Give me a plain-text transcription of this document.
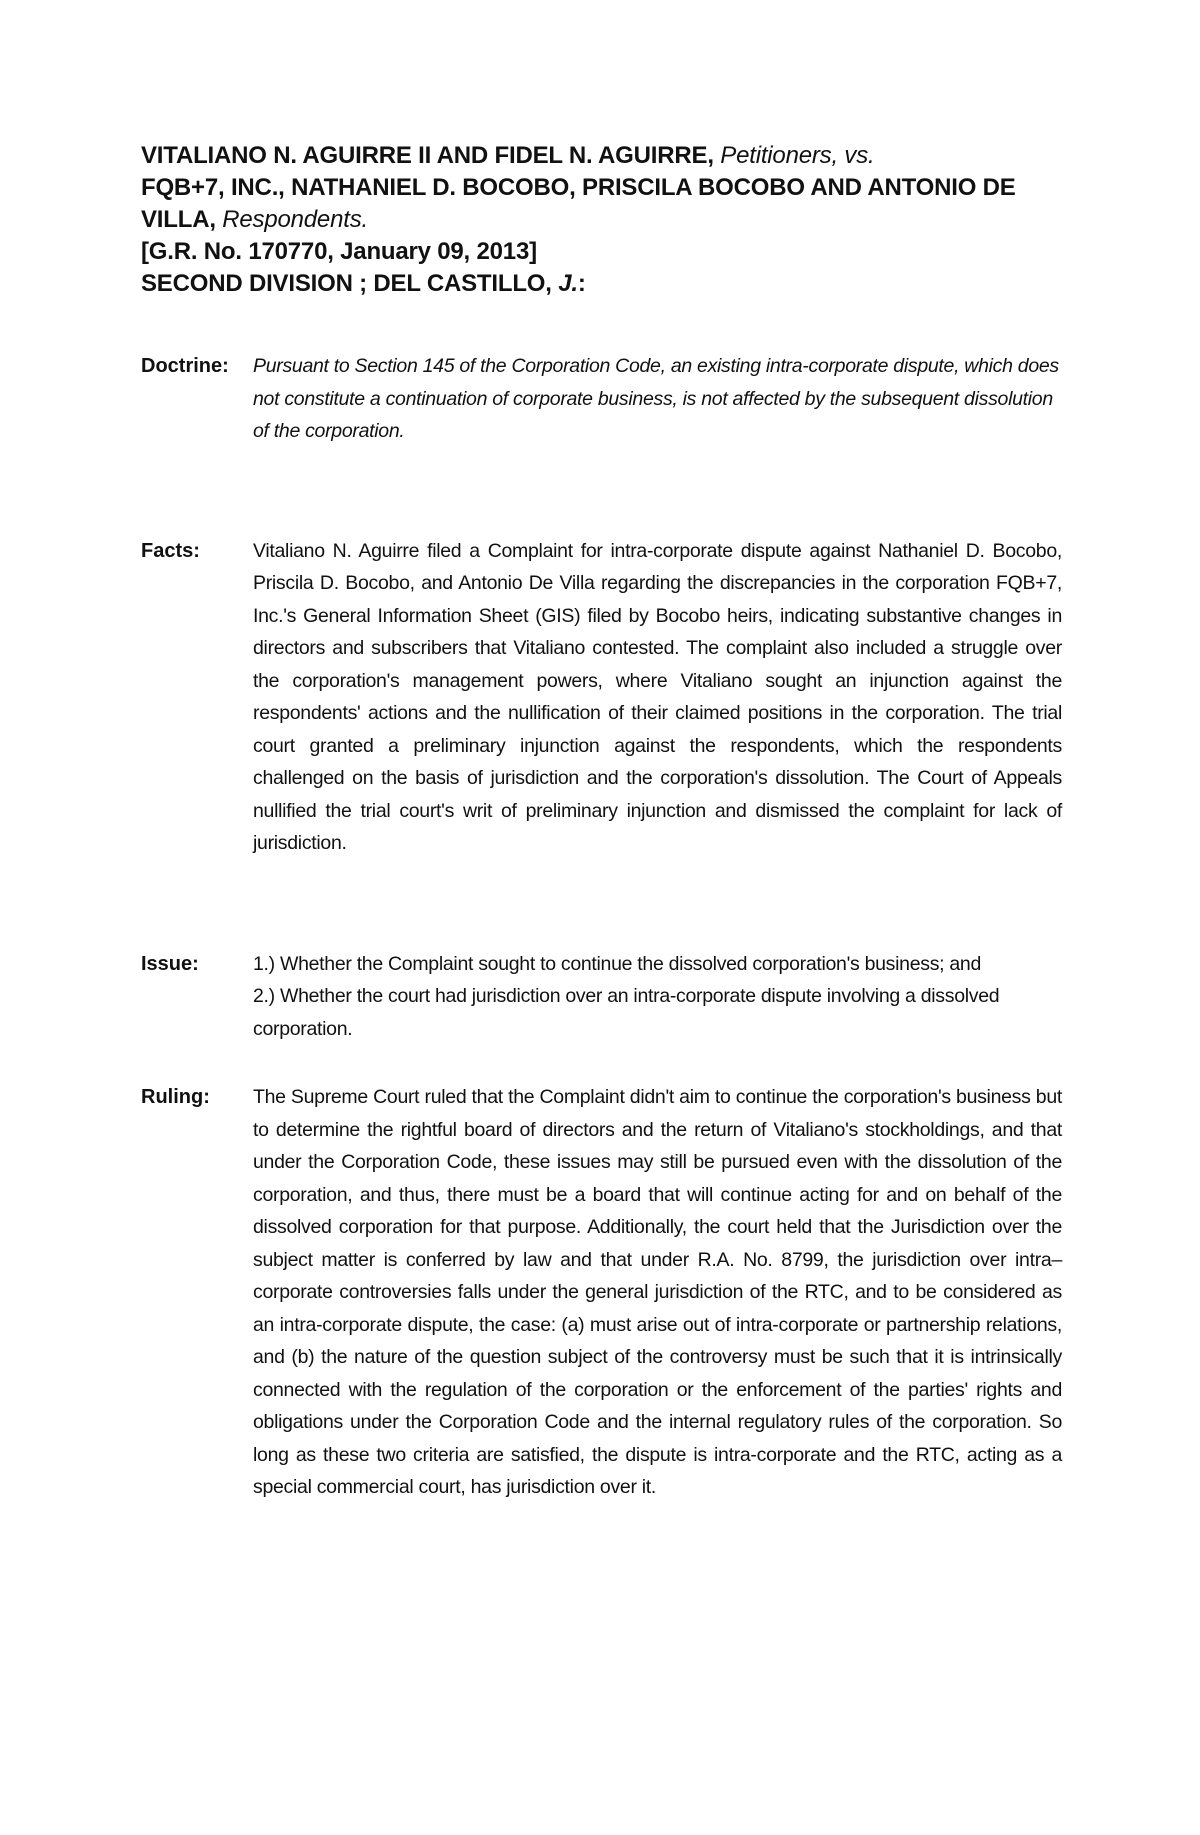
VITALIANO N. AGUIRRE II AND FIDEL N. AGUIRRE, Petitioners, vs.
FQB+7, INC., NATHANIEL D. BOCOBO, PRISCILA BOCOBO AND ANTONIO DE VILLA, Respondents.
[G.R. No. 170770, January 09, 2013]
SECOND DIVISION ; DEL CASTILLO, J.:
Doctrine:	Pursuant to Section 145 of the Corporation Code, an existing intra-corporate dispute, which does not constitute a continuation of corporate business, is not affected by the subsequent dissolution of the corporation.
Facts:	Vitaliano N. Aguirre filed a Complaint for intra-corporate dispute against Nathaniel D. Bocobo, Priscila D. Bocobo, and Antonio De Villa regarding the discrepancies in the corporation FQB+7, Inc.'s General Information Sheet (GIS) filed by Bocobo heirs, indicating substantive changes in directors and subscribers that Vitaliano contested. The complaint also included a struggle over the corporation's management powers, where Vitaliano sought an injunction against the respondents' actions and the nullification of their claimed positions in the corporation. The trial court granted a preliminary injunction against the respondents, which the respondents challenged on the basis of jurisdiction and the corporation's dissolution. The Court of Appeals nullified the trial court's writ of preliminary injunction and dismissed the complaint for lack of jurisdiction.
Issue:	1.) Whether the Complaint sought to continue the dissolved corporation's business; and
2.) Whether the court had jurisdiction over an intra-corporate dispute involving a dissolved corporation.
Ruling:	The Supreme Court ruled that the Complaint didn't aim to continue the corporation's business but to determine the rightful board of directors and the return of Vitaliano's stockholdings, and that under the Corporation Code, these issues may still be pursued even with the dissolution of the corporation, and thus, there must be a board that will continue acting for and on behalf of the dissolved corporation for that purpose. Additionally, the court held that the Jurisdiction over the subject matter is conferred by law and that under R.A. No. 8799, the jurisdiction over intra–corporate controversies falls under the general jurisdiction of the RTC, and to be considered as an intra-corporate dispute, the case: (a) must arise out of intra-corporate or partnership relations, and (b) the nature of the question subject of the controversy must be such that it is intrinsically connected with the regulation of the corporation or the enforcement of the parties' rights and obligations under the Corporation Code and the internal regulatory rules of the corporation. So long as these two criteria are satisfied, the dispute is intra-corporate and the RTC, acting as a special commercial court, has jurisdiction over it.
